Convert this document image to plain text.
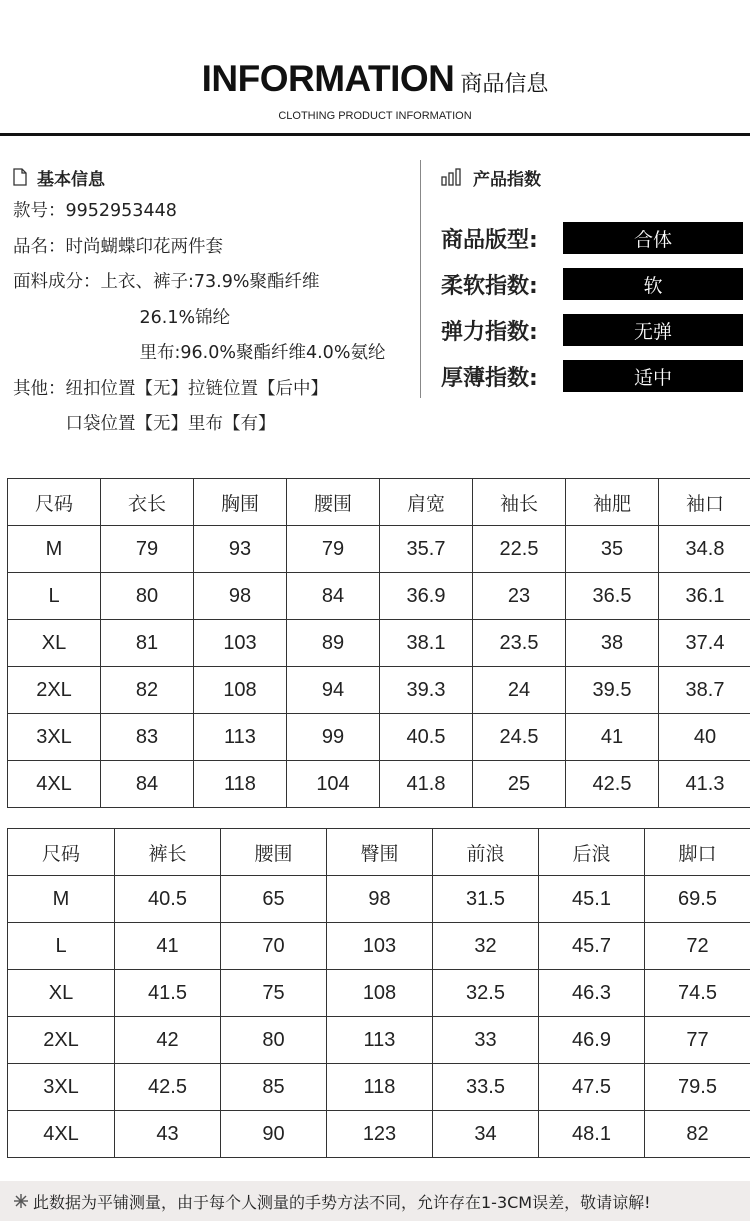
INFORMATION 商品信息
CLOTHING PRODUCT INFORMATION
基本信息
款号： 9952953448
品名： 时尚蝴蝶印花两件套
面料成分： 上衣、裤子:73.9%聚酯纤维
26.1%锦纶
里布:96.0%聚酯纤维4.0%氨纶
其他： 纽扣位置【无】拉链位置【后中】
口袋位置【无】里布【有】
产品指数
商品版型:	合体
柔软指数:	软
弹力指数:	无弹
厚薄指数:	适中
尺码	衣长	胸围	腰围	肩宽	袖长	袖肥	袖口
M	79	93	79	35.7	22.5	35	34.8
L	80	98	84	36.9	23	36.5	36.1
XL	81	103	89	38.1	23.5	38	37.4
2XL	82	108	94	39.3	24	39.5	38.7
3XL	83	113	99	40.5	24.5	41	40
4XL	84	118	104	41.8	25	42.5	41.3
尺码	裤长	腰围	臀围	前浪	后浪	脚口
M	40.5	65	98	31.5	45.1	69.5
L	41	70	103	32	45.7	72
XL	41.5	75	108	32.5	46.3	74.5
2XL	42	80	113	33	46.9	77
3XL	42.5	85	118	33.5	47.5	79.5
4XL	43	90	123	34	48.1	82
此数据为平铺测量，由于每个人测量的手势方法不同，允许存在1-3CM误差，敬请谅解!
